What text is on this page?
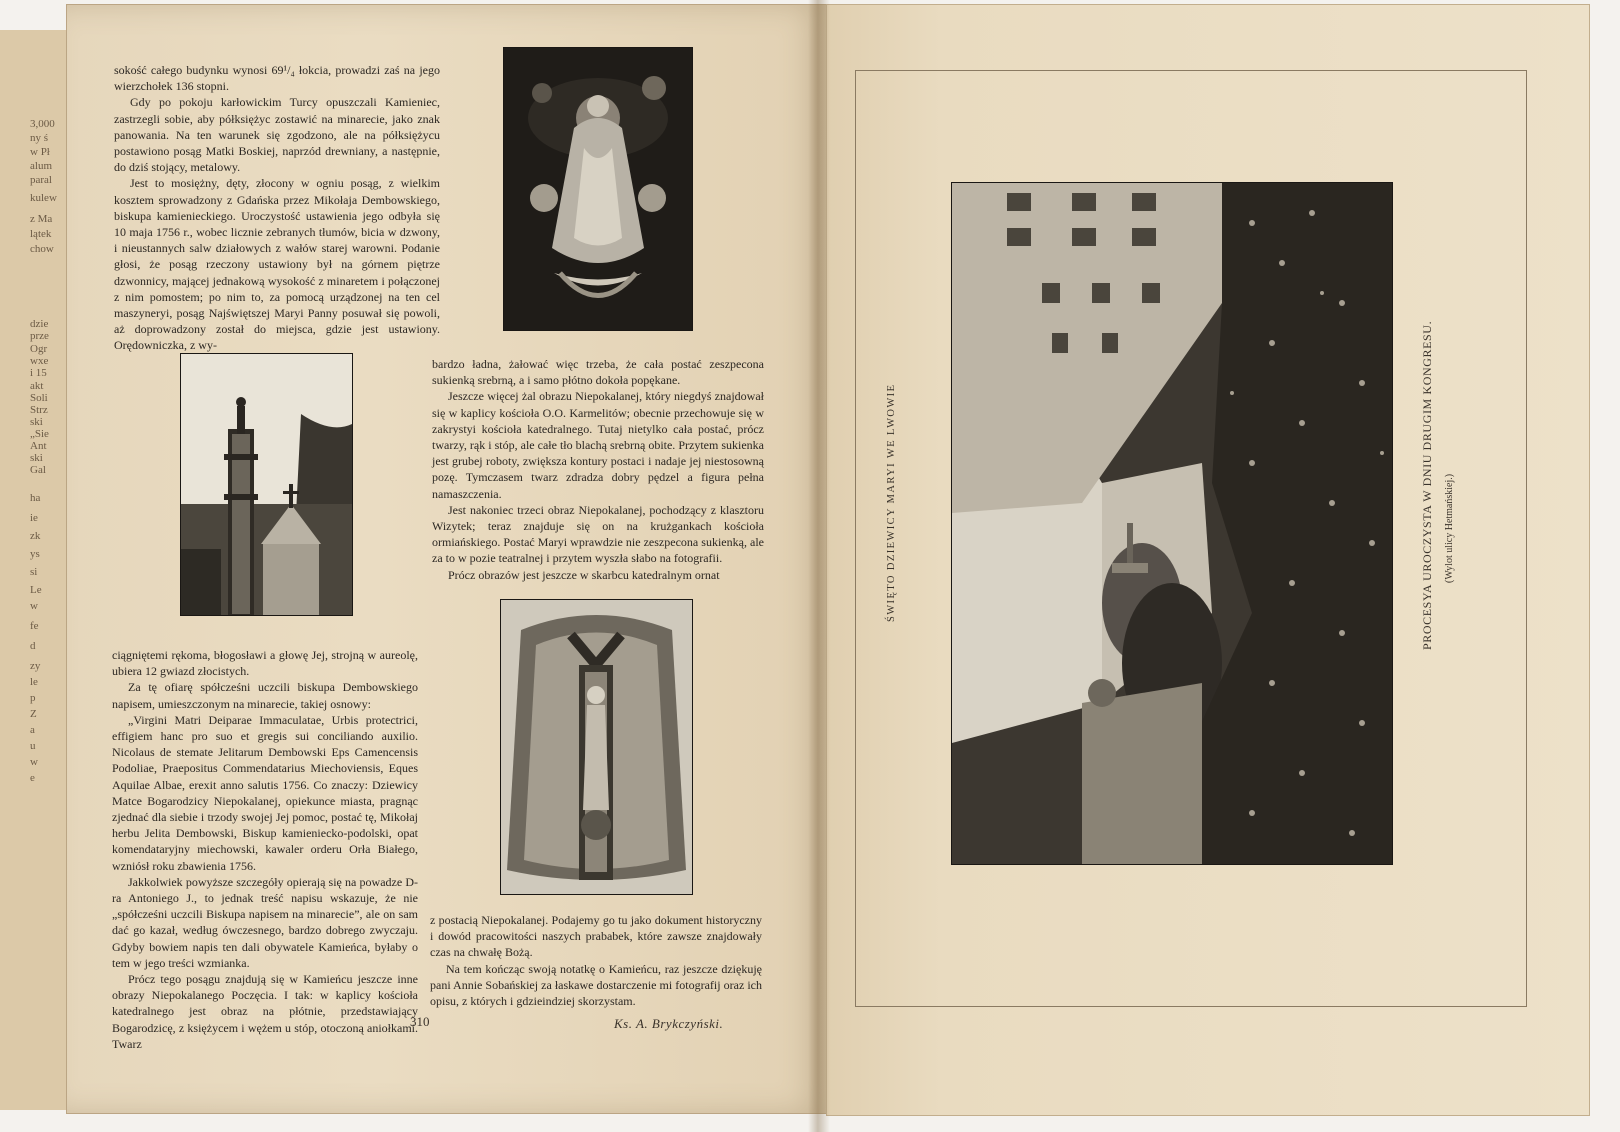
3,000
ny ś
w Pł
alum
paral
kulew
z Ma
lątek
chow
dzie
prze
Ogr
wxe
i 15
akt
Soli
Strz
ski
„Sie
Ant
ski
Gal
ha
ie
zk
ys
si
Le
w
fe
d
zy
le
p
Z
a
u
w
e

sokość całego budynku wynosi 69¹/₄ łokcia, prowadzi zaś na jego wierzchołek 136 stopni.

Gdy po pokoju karłowickim Turcy opuszczali Kamieniec, zastrzegli sobie, aby półksiężyc zostawić na minarecie, jako znak panowania. Na ten warunek się zgodzono, ale na półksiężycu postawiono posąg Matki Boskiej, naprzód drewniany, a następnie, do dziś stojący, metalowy.

Jest to mosiężny, dęty, złocony w ogniu posąg, z wielkim kosztem sprowadzony z Gdańska przez Mikołaja Dembowskiego, biskupa kamienieckiego. Uroczystość ustawienia jego odbyła się 10 maja 1756 r., wobec licznie zebranych tłumów, bicia w dzwony, i nieustannych salw działowych z wałów starej warowni. Podanie głosi, że posąg rzeczony ustawiony był na górnem piętrze dzwonnicy, mającej jednakową wysokość z minaretem i połączonej z nim pomostem; po nim to, za pomocą urządzonej na ten cel maszyneryi, posąg Najświętszej Maryi Panny posuwał się powoli, aż doprowadzony został do miejsca, gdzie jest ustawiony. Orędowniczka, z wy-

bardzo ładna, żałować więc trzeba, że cała postać zeszpecona sukienką srebrną, a i samo płótno dokoła popękane.

Jeszcze więcej żal obrazu Niepokalanej, który niegdyś znajdował się w kaplicy kościoła O.O. Karmelitów; obecnie przechowuje się w zakrystyi kościoła katedralnego. Tutaj nietylko cała postać, prócz twarzy, rąk i stóp, ale całe tło blachą srebrną obite. Przytem sukienka jest grubej roboty, zwiększa kontury postaci i nadaje jej niestosowną pozę. Tymczasem twarz zdradza dobry pędzel a figura pełna namaszczenia.

Jest nakoniec trzeci obraz Niepokalanej, pochodzący z klasztoru Wizytek; teraz znajduje się on na krużgankach kościoła ormiańskiego. Postać Maryi wprawdzie nie zeszpecona sukienką, ale za to w pozie teatralnej i przytem wyszła słabo na fotografii.

Prócz obrazów jest jeszcze w skarbcu katedralnym ornat

ciągniętemi rękoma, błogosławi a głowę Jej, strojną w aureolę, ubiera 12 gwiazd złocistych.

Za tę ofiarę spółcześni uczcili biskupa Dembowskiego napisem, umieszczonym na minarecie, takiej osnowy:

„Virgini Matri Deiparae Immaculatae, Urbis protectrici, effigiem hanc pro suo et gregis sui conciliando auxilio. Nicolaus de stemate Jelitarum Dembowski Eps Camencensis Podoliae, Praepositus Commendatarius Miechoviensis, Eques Aquilae Albae, erexit anno salutis 1756. Co znaczy: Dziewicy Matce Bogarodzicy Niepokalanej, opiekunce miasta, pragnąc zjednać dla siebie i trzody swojej Jej pomoc, postać tę, Mikołaj herbu Jelita Dembowski, Biskup kamieniecko-podolski, opat komendataryjny miechowski, kawaler orderu Orła Białego, wzniósł roku zbawienia 1756.

Jakkolwiek powyższe szczegóły opierają się na powadze D-ra Antoniego J., to jednak treść napisu wskazuje, że nie „spółcześni uczcili Biskupa napisem na minarecie”, ale on sam dać go kazał, według ówczesnego, bardzo dobrego zwyczaju. Gdyby bowiem napis ten dali obywatele Kamieńca, byłaby o tem w jego treści wzmianka.

Prócz tego posągu znajdują się w Kamieńcu jeszcze inne obrazy Niepokalanego Poczęcia. I tak: w kaplicy kościoła katedralnego jest obraz na płótnie, przedstawiający Bogarodzicę, z księżycem i wężem u stóp, otoczoną aniołkami. Twarz

z postacią Niepokalanej. Podajemy go tu jako dokument historyczny i dowód pracowitości naszych prababek, które zawsze znajdowały czas na chwałę Bożą.

Na tem kończąc swoją notatkę o Kamieńcu, raz jeszcze dziękuję pani Annie Sobańskiej za łaskawe dostarczenie mi fotografij oraz ich opisu, z których i gdzieindziej skorzystam.

310	Ks. A. Brykczyński.
ŚWIĘTO DZIEWICY MARYI WE LWOWIE	PROCESYA UROCZYSTA W DNIU DRUGIM KONGRESU. (Wylot ulicy Hetmańskiej.)
